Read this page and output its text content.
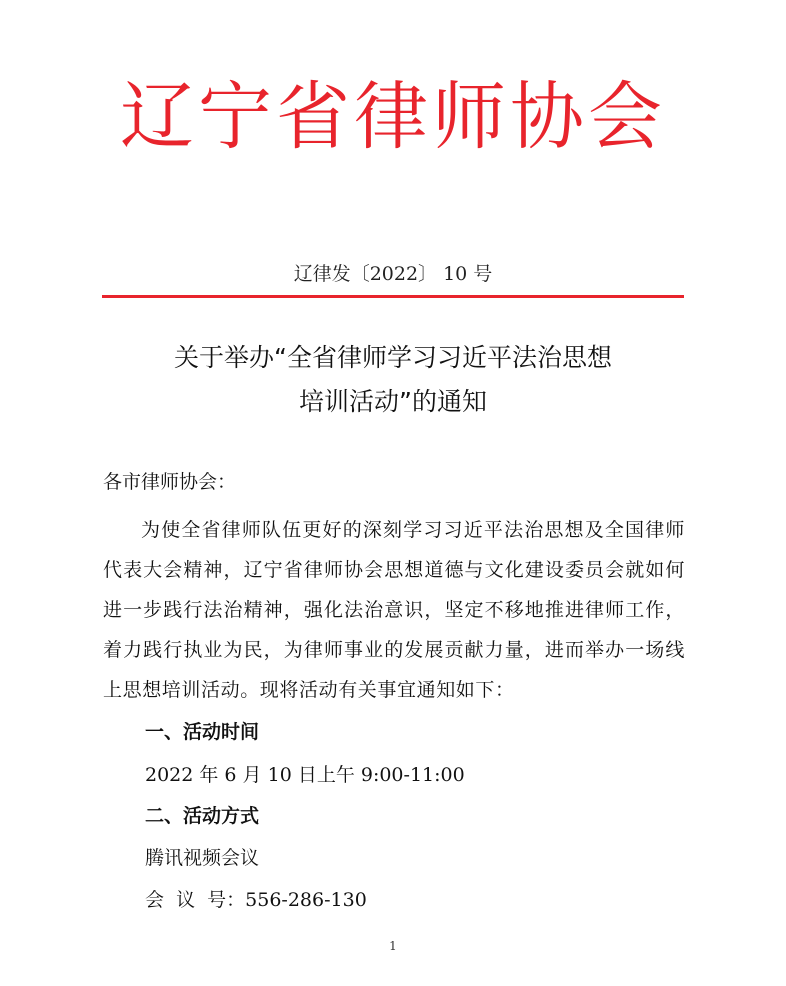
辽宁省律师协会
辽律发〔2022〕 10 号
关于举办“全省律师学习习近平法治思想
培训活动”的通知
各市律师协会：
为使全省律师队伍更好的深刻学习习近平法治思想及全国律师代表大会精神，辽宁省律师协会思想道德与文化建设委员会就如何进一步践行法治精神，强化法治意识，坚定不移地推进律师工作，着力践行执业为民，为律师事业的发展贡献力量，进而举办一场线上思想培训活动。现将活动有关事宜通知如下：
一、活动时间
2022 年 6 月 10 日上午 9:00-11:00
二、活动方式
腾讯视频会议
会  议  号：556-286-130
1
